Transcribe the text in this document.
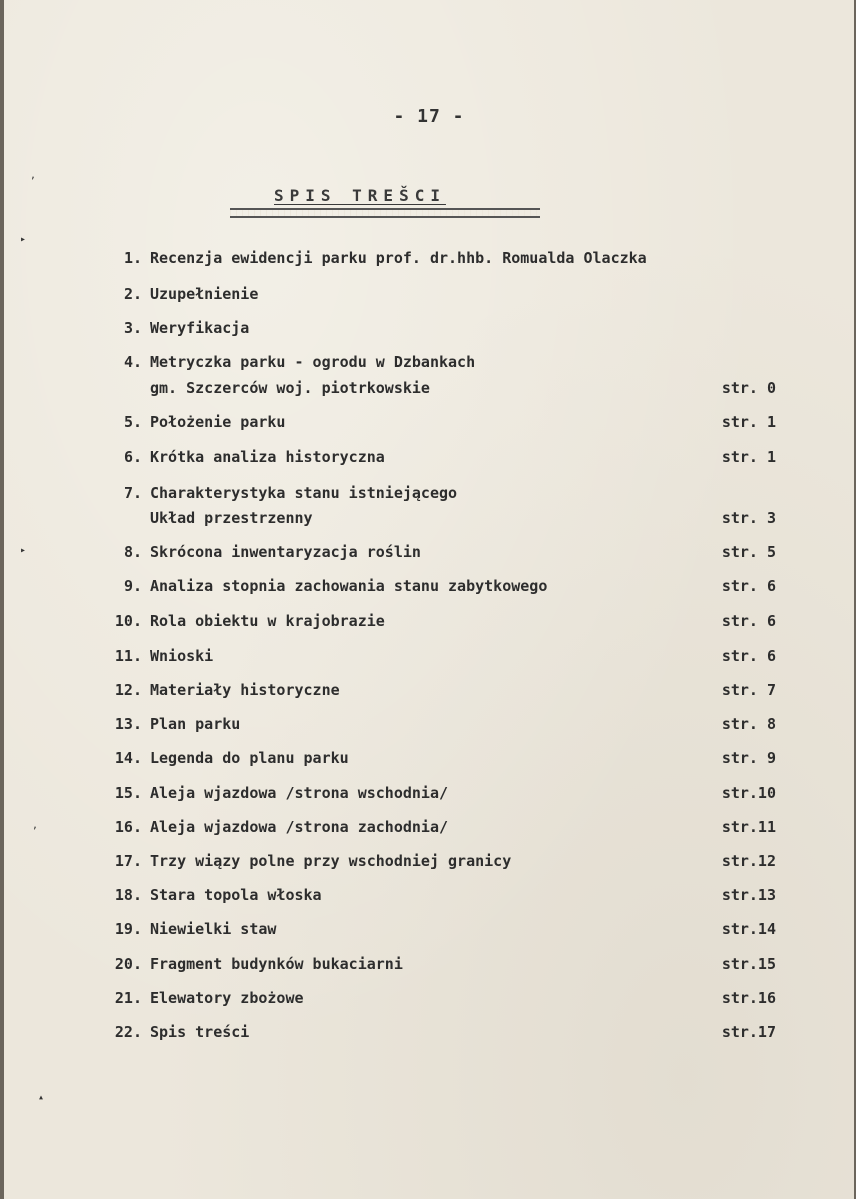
- 17 -
SPIS TREŠCI
1. Recenzja ewidencji parku prof. dr.hhb. Romualda Olaczka
2. Uzupełnienie
3. Weryfikacja
4. Metryczka parku - ogrodu w Dzbankach
gm. Szczerców woj. piotrkowskie	str. 0
5. Położenie parku	str. 1
6. Krótka analiza historyczna	str. 1
7. Charakterystyka stanu istniejącego
Układ przestrzenny	str. 3
8. Skrócona inwentaryzacja roślin	str. 5
9. Analiza stopnia zachowania stanu zabytkowego	str. 6
10. Rola obiektu w krajobrazie	str. 6
11. Wnioski	str. 6
12. Materiały historyczne	str. 7
13. Plan parku	str. 8
14. Legenda do planu parku	str. 9
15. Aleja wjazdowa /strona wschodnia/	str.10
16. Aleja wjazdowa /strona zachodnia/	str.11
17. Trzy wiązy polne przy wschodniej granicy	str.12
18. Stara topola włoska	str.13
19. Niewielki staw	str.14
20. Fragment budynków bukaciarni	str.15
21. Elewatory zbożowe	str.16
22. Spis treści	str.17
,
▸
▸
,
▴
